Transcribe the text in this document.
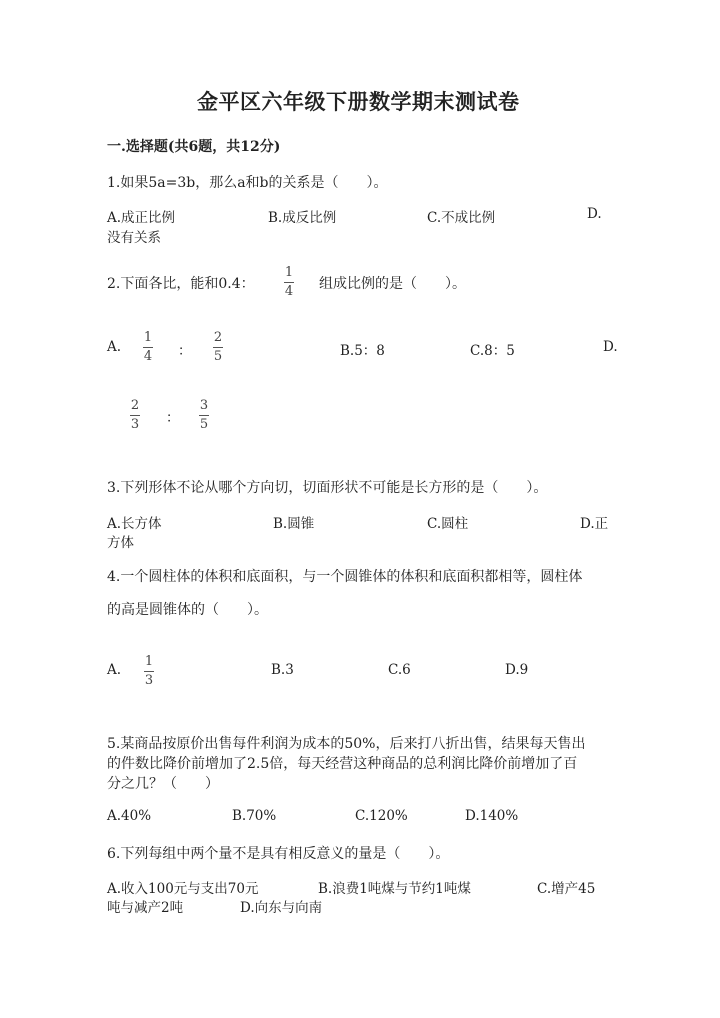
金平区六年级下册数学期末测试卷
一.选择题(共6题，共12分)
1.如果5a=3b，那么a和b的关系是（　　）。
A.成正比例	B.成反比例	C.不成比例	D.
没有关系
2.下面各比，能和0.4：
1
4 组成比例的是（　　）。
A.
1
4 ：
2
5	B.5：8	C.8：5	D.
2
3 ：
3
5
3.下列形体不论从哪个方向切，切面形状不可能是长方形的是（　　）。
A.长方体	B.圆锥	C.圆柱	D.正
方体
4.一个圆柱体的体积和底面积，与一个圆锥体的体积和底面积都相等，圆柱体
的高是圆锥体的（　　）。
A.
1
3
B.3	C.6	D.9
5.某商品按原价出售每件利润为成本的50%，后来打八折出售，结果每天售出
的件数比降价前增加了2.5倍，每天经营这种商品的总利润比降价前增加了百
分之几？（　　）
A.40%	B.70%	C.120%	D.140%
6.下列每组中两个量不是具有相反意义的量是（　　）。
A.收入100元与支出70元	B.浪费1吨煤与节约1吨煤	C.增产45
吨与减产2吨	D.向东与向南
